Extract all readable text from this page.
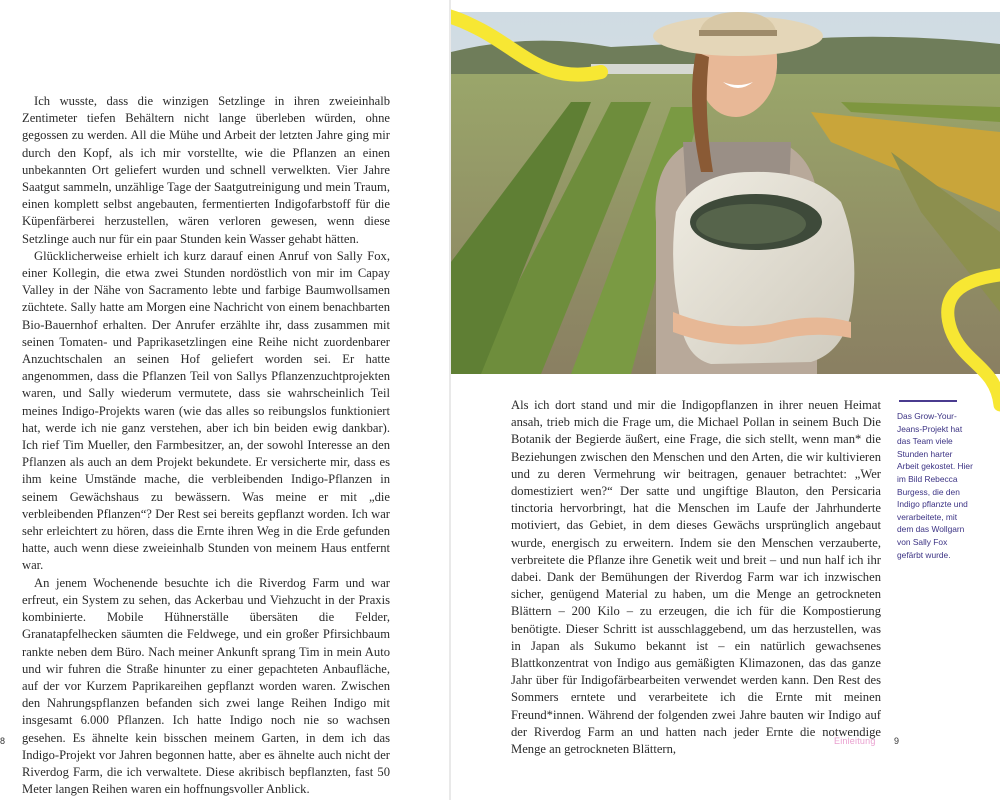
Ich wusste, dass die winzigen Setzlinge in ihren zweieinhalb Zentimeter tiefen Behältern nicht lange überleben würden, ohne gegossen zu werden. All die Mühe und Arbeit der letzten Jahre ging mir durch den Kopf, als ich mir vorstellte, wie die Pflanzen an einen unbekannten Ort geliefert wurden und schnell verwelkten. Vier Jahre Saatgut sammeln, unzählige Tage der Saatgutreinigung und mein Traum, einen komplett selbst angebauten, fermentierten Indigofarbstoff für die Küpenfärberei herzustellen, wären verloren gewesen, wenn diese Setzlinge auch nur für ein paar Stunden kein Wasser gehabt hätten.

Glücklicherweise erhielt ich kurz darauf einen Anruf von Sally Fox, einer Kollegin, die etwa zwei Stunden nordöstlich von mir im Capay Valley in der Nähe von Sacramento lebte und farbige Baumwollsamen züchtete. Sally hatte am Morgen eine Nachricht von einem benachbarten Bio-Bauernhof erhalten. Der Anrufer erzählte ihr, dass zusammen mit seinen Tomaten- und Paprikasetzlingen eine Reihe nicht zuordenbarer Anzuchtschalen an seinen Hof geliefert worden sei. Er hatte angenommen, dass die Pflanzen Teil von Sallys Pflanzenzuchtprojekten waren, und Sally wiederum vermutete, dass sie wahrscheinlich Teil meines Indigo-Projekts waren (wie das alles so reibungslos funktioniert hat, werde ich nie ganz verstehen, aber ich bin beiden ewig dankbar). Ich rief Tim Mueller, den Farmbesitzer, an, der sowohl Interesse an den Pflanzen als auch an dem Projekt bekundete. Er versicherte mir, dass es ihm keine Umstände mache, die verbleibenden Indigo-Pflanzen in seinem Gewächshaus zu bewässern. Was meine er mit „die verbleibenden Pflanzen“? Der Rest sei bereits gepflanzt worden. Ich war sehr erleichtert zu hören, dass die Ernte ihren Weg in die Erde gefunden hatte, auch wenn diese zweieinhalb Stunden von meinem Haus entfernt war.

An jenem Wochenende besuchte ich die Riverdog Farm und war erfreut, ein System zu sehen, das Ackerbau und Viehzucht in der Praxis kombinierte. Mobile Hühnerställe übersäten die Felder, Granatapfelhecken säumten die Feldwege, und ein großer Pfirsichbaum rankte neben dem Büro. Nach meiner Ankunft sprang Tim in mein Auto und wir fuhren die Straße hinunter zu einer gepachteten Anbaufläche, auf der vor Kurzem Paprikareihen gepflanzt worden waren. Zwischen den Nahrungspflanzen befanden sich zwei lange Reihen Indigo mit insgesamt 6.000 Pflanzen. Ich hatte Indigo noch nie so wachsen gesehen. Es ähnelte kein bisschen meinem Garten, in dem ich das Indigo-Projekt vor Jahren begonnen hatte, aber es ähnelte auch nicht der Riverdog Farm, die ich verwaltete. Diese akribisch bepflanzten, fast 50 Meter langen Reihen waren ein hoffnungsvoller Anblick.

8

Als ich dort stand und mir die Indigopflanzen in ihrer neuen Heimat ansah, trieb mich die Frage um, die Michael Pollan in seinem Buch Die Botanik der Begierde äußert, eine Frage, die sich stellt, wenn man* die Beziehungen zwischen den Menschen und den Arten, die wir kultivieren und zu deren Vermehrung wir beitragen, genauer betrachtet: „Wer domestiziert wen?“ Der satte und ungiftige Blauton, den Persicaria tinctoria hervorbringt, hat die Menschen im Laufe der Jahrhunderte motiviert, das Gebiet, in dem dieses Gewächs ursprünglich angebaut wurde, energisch zu erweitern. Indem sie den Menschen verzauberte, verbreitete die Pflanze ihre Genetik weit und breit – und nun half ich ihr dabei. Dank der Bemühungen der Riverdog Farm war ich inzwischen sicher, genügend Material zu haben, um die Menge an getrockneten Blättern – 200 Kilo – zu erzeugen, die ich für die Kompostierung benötigte. Dieser Schritt ist ausschlaggebend, um das herzustellen, was in Japan als Sukumo bekannt ist – ein natürlich gewachsenes Blattkonzentrat von Indigo aus gemäßigten Klimazonen, das das ganze Jahr über für Indigofärbearbeiten verwendet werden kann. Den Rest des Sommers erntete und verarbeitete ich die Ernte mit meinen Freund*innen. Während der folgenden zwei Jahre bauten wir Indigo auf der Riverdog Farm an und hatten nach jeder Ernte die notwendige Menge an getrockneten Blättern,

Das Grow-Your-Jeans-Projekt hat das Team viele Stunden harter Arbeit gekostet. Hier im Bild Rebecca Burgess, die den Indigo pflanzte und verarbeitete, mit dem das Wollgarn von Sally Fox gefärbt wurde.
Einleitung 9
